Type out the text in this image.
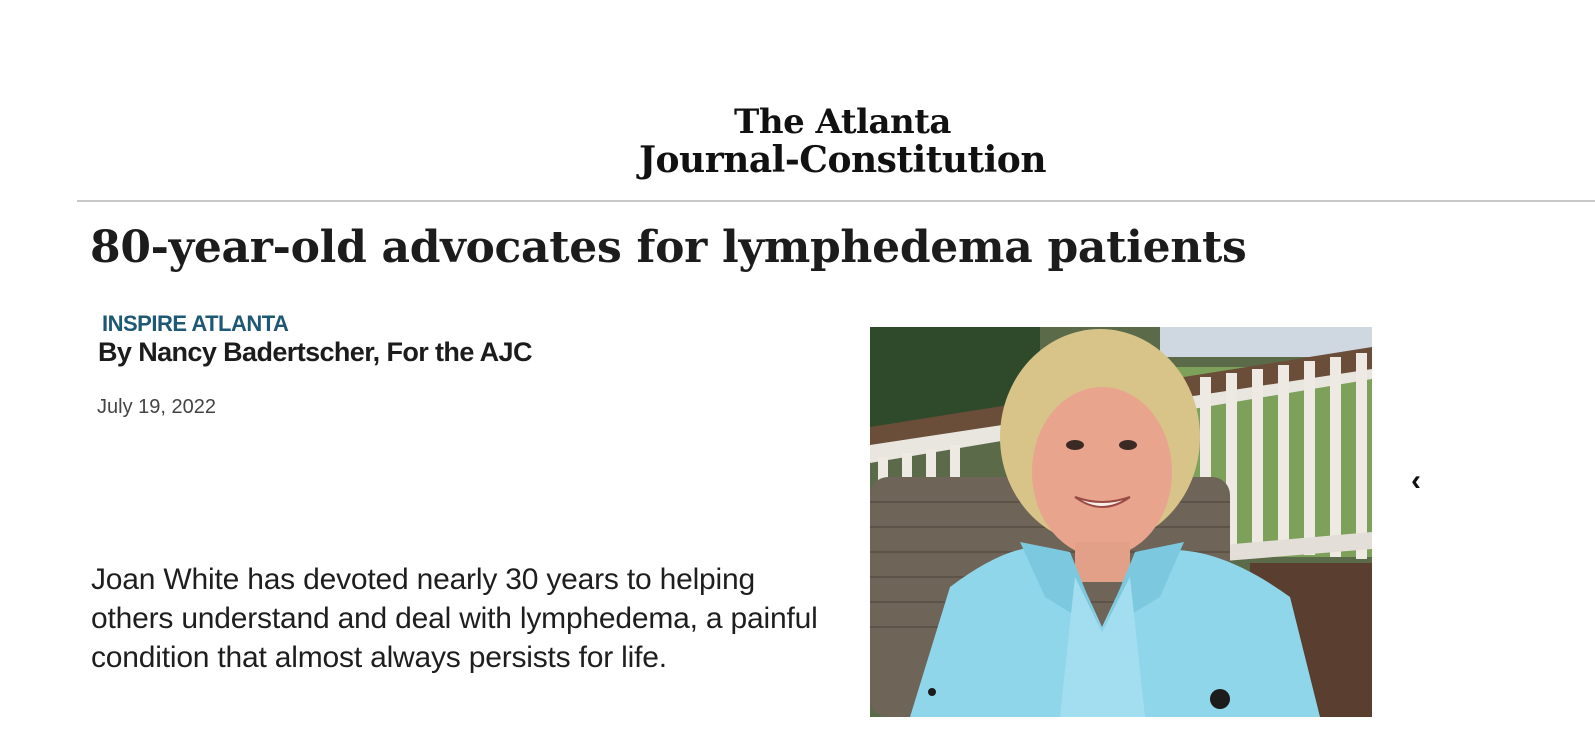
The Atlanta
Journal-Constitution
80-year-old advocates for lymphedema patients
INSPIRE ATLANTA
By Nancy Badertscher, For the AJC
July 19, 2022

Joan White has devoted nearly 30 years to helping others understand and deal with lymphedema, a painful condition that almost always persists for life.

‹
